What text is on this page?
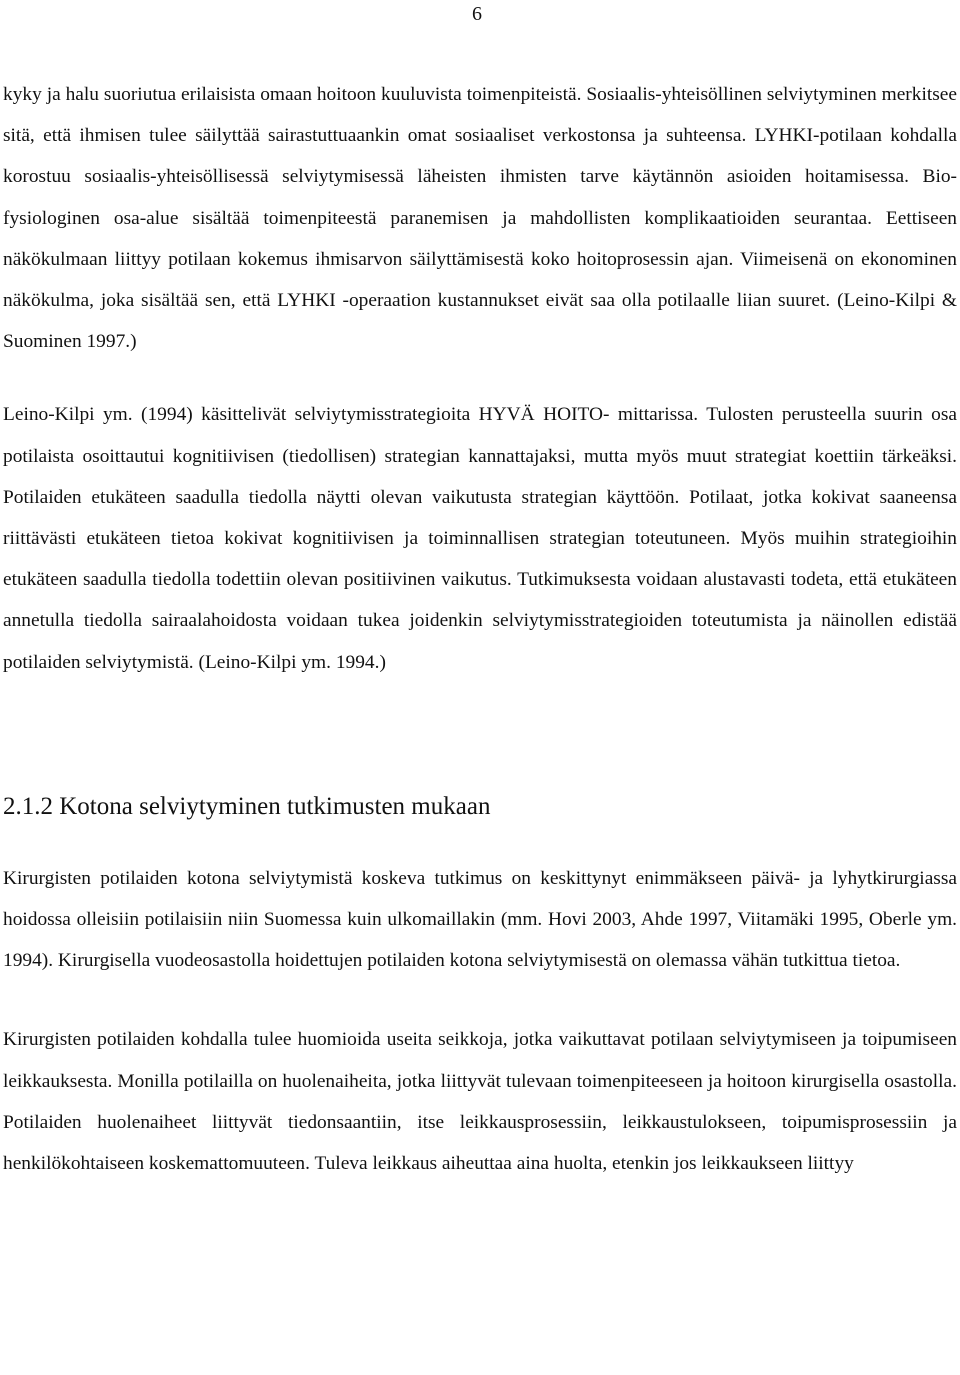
6

kyky ja halu suoriutua erilaisista omaan hoitoon kuuluvista toimenpiteistä. Sosiaalis-yhteisöllinen selviytyminen merkitsee sitä, että ihmisen tulee säilyttää sairastuttuaankin omat sosiaaliset verkostonsa ja suhteensa. LYHKI-potilaan kohdalla korostuu sosiaalis-yhteisöllisessä selviytymisessä läheisten ihmisten tarve käytännön asioiden hoitamisessa. Bio-fysiologinen osa-alue sisältää toimenpiteestä paranemisen ja mahdollisten komplikaatioiden seurantaa. Eettiseen näkökulmaan liittyy potilaan kokemus ihmisarvon säilyttämisestä koko hoitoprosessin ajan. Viimeisenä on ekonominen näkökulma, joka sisältää sen, että LYHKI -operaation kustannukset eivät saa olla potilaalle liian suuret. (Leino-Kilpi & Suominen 1997.)

Leino-Kilpi ym. (1994) käsittelivät selviytymisstrategioita HYVÄ HOITO- mittarissa. Tulosten perusteella suurin osa potilaista osoittautui kognitiivisen (tiedollisen) strategian kannattajaksi, mutta myös muut strategiat koettiin tärkeäksi. Potilaiden etukäteen saadulla tiedolla näytti olevan vaikutusta strategian käyttöön. Potilaat, jotka kokivat saaneensa riittävästi etukäteen tietoa kokivat kognitiivisen ja toiminnallisen strategian toteutuneen. Myös muihin strategioihin etukäteen saadulla tiedolla todettiin olevan positiivinen vaikutus. Tutkimuksesta voidaan alustavasti todeta, että etukäteen annetulla tiedolla sairaalahoidosta voidaan tukea joidenkin selviytymisstrategioiden toteutumista ja näinollen edistää potilaiden selviytymistä. (Leino-Kilpi ym. 1994.)

2.1.2 Kotona selviytyminen tutkimusten mukaan

Kirurgisten potilaiden kotona selviytymistä koskeva tutkimus on keskittynyt enimmäkseen päivä- ja lyhytkirurgiassa hoidossa olleisiin potilaisiin niin Suomessa kuin ulkomaillakin (mm. Hovi 2003, Ahde 1997, Viitamäki 1995, Oberle ym. 1994). Kirurgisella vuodeosastolla hoidettujen potilaiden kotona selviytymisestä on olemassa vähän tutkittua tietoa.

Kirurgisten potilaiden kohdalla tulee huomioida useita seikkoja, jotka vaikuttavat potilaan selviytymiseen ja toipumiseen leikkauksesta. Monilla potilailla on huolenaiheita, jotka liittyvät tulevaan toimenpiteeseen ja hoitoon kirurgisella osastolla. Potilaiden huolenaiheet liittyvät tiedonsaantiin, itse leikkausprosessiin, leikkaustulokseen, toipumisprosessiin ja henkilökohtaiseen koskemattomuuteen. Tuleva leikkaus aiheuttaa aina huolta, etenkin jos leikkaukseen liittyy
